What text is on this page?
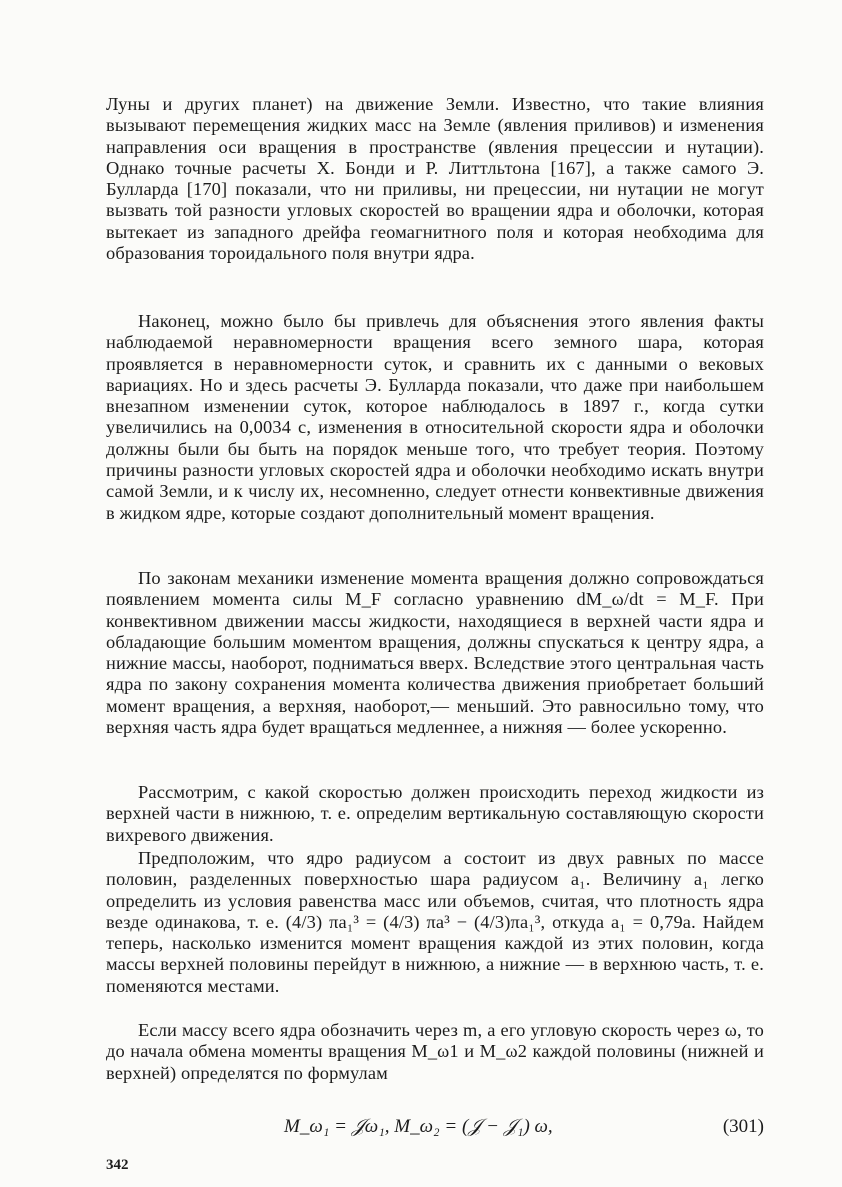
Луны и других планет) на движение Земли. Известно, что такие влияния вызывают перемещения жидких масс на Земле (явления приливов) и изменения направления оси вращения в пространстве (явления прецессии и нутации). Однако точные расчеты Х. Бонди и Р. Литтльтона [167], а также самого Э. Булларда [170] показали, что ни приливы, ни прецессии, ни нутации не могут вызвать той разности угловых скоростей во вращении ядра и оболочки, которая вытекает из западного дрейфа геомагнитного поля и которая необходима для образования тороидального поля внутри ядра.

Наконец, можно было бы привлечь для объяснения этого явления факты наблюдаемой неравномерности вращения всего земного шара, которая проявляется в неравномерности суток, и сравнить их с данными о вековых вариациях. Но и здесь расчеты Э. Булларда показали, что даже при наибольшем внезапном изменении суток, которое наблюдалось в 1897 г., когда сутки увеличились на 0,0034 с, изменения в относительной скорости ядра и оболочки должны были бы быть на порядок меньше того, что требует теория. Поэтому причины разности угловых скоростей ядра и оболочки необходимо искать внутри самой Земли, и к числу их, несомненно, следует отнести конвективные движения в жидком ядре, которые создают дополнительный момент вращения.

По законам механики изменение момента вращения должно сопровождаться появлением момента силы M_F согласно уравнению dM_ω/dt = M_F. При конвективном движении массы жидкости, находящиеся в верхней части ядра и обладающие большим моментом вращения, должны спускаться к центру ядра, а нижние массы, наоборот, подниматься вверх. Вследствие этого центральная часть ядра по закону сохранения момента количества движения приобретает больший момент вращения, а верхняя, наоборот,— меньший. Это равносильно тому, что верхняя часть ядра будет вращаться медленнее, а нижняя — более ускоренно.

Рассмотрим, с какой скоростью должен происходить переход жидкости из верхней части в нижнюю, т. е. определим вертикальную составляющую скорости вихревого движения.

Предположим, что ядро радиусом a состоит из двух равных по массе половин, разделенных поверхностью шара радиусом a₁. Величину a₁ легко определить из условия равенства масс или объемов, считая, что плотность ядра везде одинакова, т. е. (4/3) πa₁³ = (4/3) πa³ − (4/3)πa₁³, откуда a₁ = 0,79a. Найдем теперь, насколько изменится момент вращения каждой из этих половин, когда массы верхней половины перейдут в нижнюю, а нижние — в верхнюю часть, т. е. поменяются местами.

Если массу всего ядра обозначить через m, а его угловую скорость через ω, то до начала обмена моменты вращения M_ω1 и M_ω2 каждой половины (нижней и верхней) определятся по формулам

M_ω₁ = 𝒥ω₁, M_ω₂ = (𝒥 − 𝒥₁) ω,	(301)
342
